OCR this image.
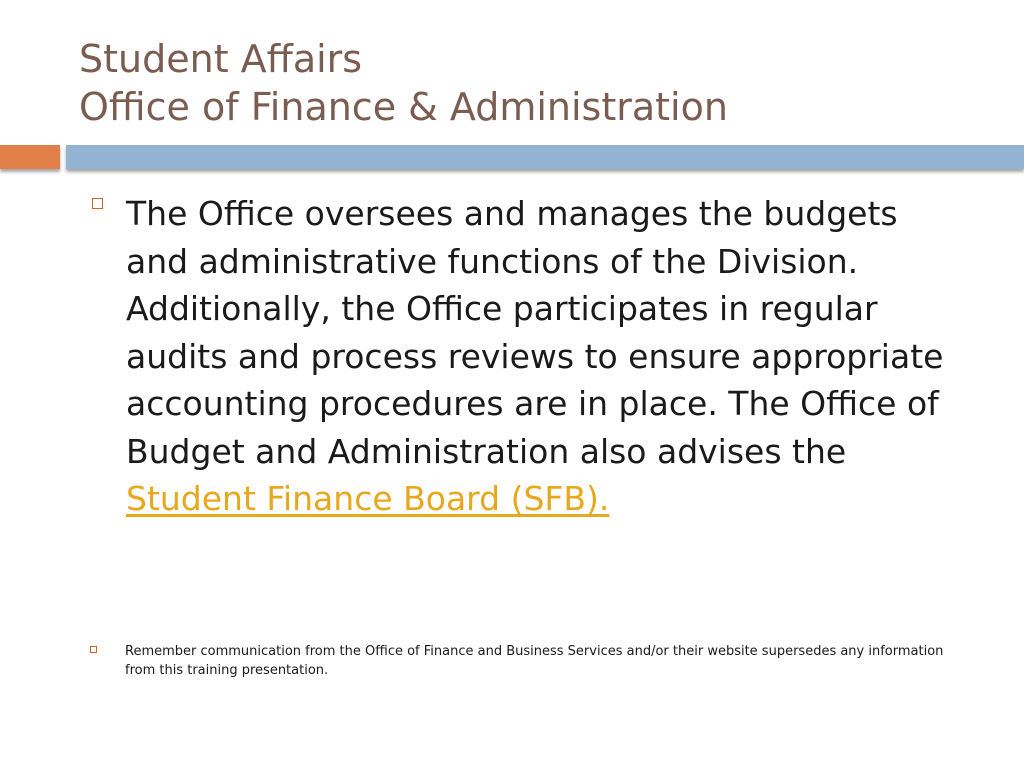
Student Affairs
Office of Finance & Administration
The Office oversees and manages the budgets and administrative functions of the Division. Additionally, the Office participates in regular audits and process reviews to ensure appropriate accounting procedures are in place. The Office of Budget and Administration also advises the
Student Finance Board (SFB).
Remember communication from the Office of Finance and Business Services and/or their website supersedes any information from this training presentation.
